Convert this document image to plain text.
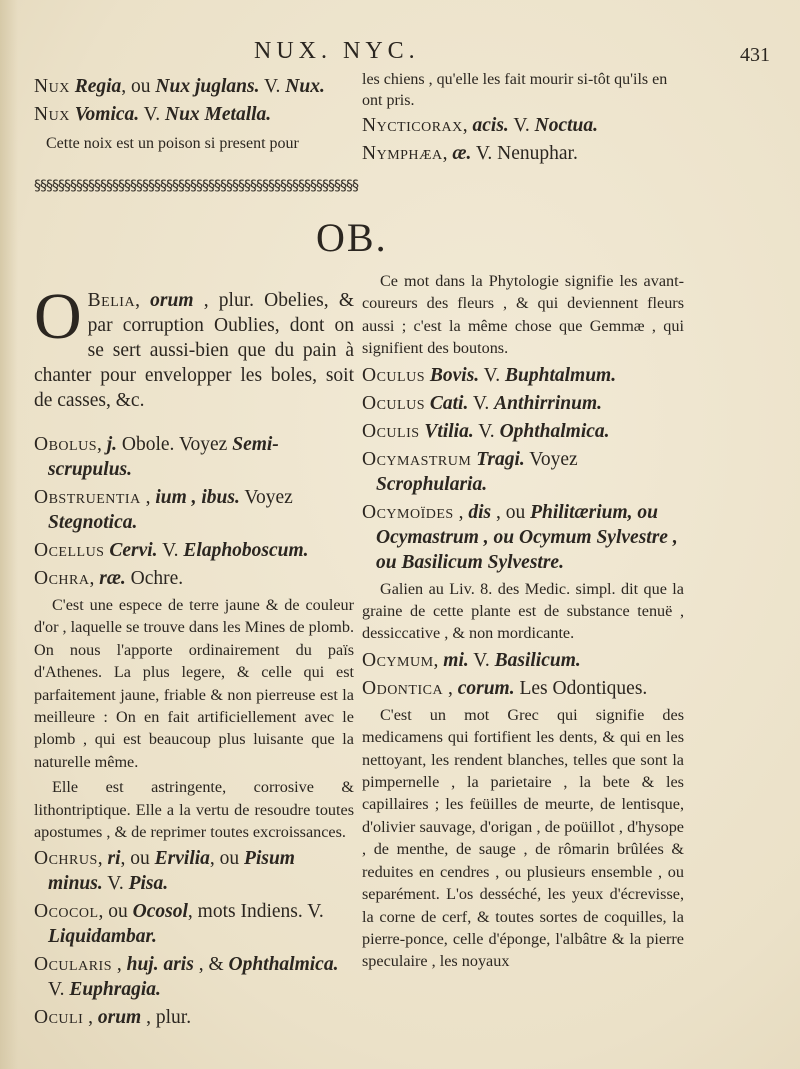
NUX. NYC.	431

Nux Regia, ou Nux juglans. V. Nux.

Nux Vomica. V. Nux Metalla.

Cette noix est un poison si present pour

les chiens , qu'elle les fait mourir si-tôt qu'ils en ont pris.

Nycticorax, acis. V. Noctua.

Nymphæa, æ. V. Nenuphar.

§§§§§§§§§§§§§§§§§§§§§§§§§§§§§§§§§§§§§§§§§§§§§§§§§§§§§§
OB.

O Belia, orum , plur. Obelies, & par corruption Oublies, dont on se sert aussi-bien que du pain à chanter pour envelopper les boles, soit de casses, &c.

Obolus, j. Obole. Voyez Semi-scrupulus.

Obstruentia , ium , ibus. Voyez Stegnotica.

Ocellus Cervi. V. Elaphoboscum.

Ochra, ræ. Ochre.

C'est une espece de terre jaune & de couleur d'or , laquelle se trouve dans les Mines de plomb. On nous l'apporte ordinairement du païs d'Athenes. La plus legere, & celle qui est parfaitement jaune, friable & non pierreuse est la meilleure : On en fait artificiellement avec le plomb , qui est beaucoup plus luisante que la naturelle même.

Elle est astringente, corrosive & lithontriptique. Elle a la vertu de resoudre toutes apostumes , & de reprimer toutes excroissances.

Ochrus, ri, ou Ervilia, ou Pisum minus. V. Pisa.

Ococol, ou Ocosol, mots Indiens. V. Liquidambar.

Ocularis , huj. aris , & Ophthalmica. V. Euphragia.

Oculi , orum , plur.

Ce mot dans la Phytologie signifie les avant-coureurs des fleurs , & qui deviennent fleurs aussi ; c'est la même chose que Gemmæ , qui signifient des boutons.

Oculus Bovis. V. Buphtalmum.

Oculus Cati. V. Anthirrinum.

Oculis Vtilia. V. Ophthalmica.

Ocymastrum Tragi. Voyez Scrophularia.

Ocymoïdes , dis , ou Philitærium, ou Ocymastrum , ou Ocymum Sylvestre , ou Basilicum Sylvestre.

Galien au Liv. 8. des Medic. simpl. dit que la graine de cette plante est de substance tenuë , dessiccative , & non mordicante.

Ocymum, mi. V. Basilicum.

Odontica , corum. Les Odontiques.

C'est un mot Grec qui signifie des medicamens qui fortifient les dents, & qui en les nettoyant, les rendent blanches, telles que sont la pimpernelle , la parietaire , la bete & les capillaires ; les feüilles de meurte, de lentisque, d'olivier sauvage, d'origan , de poüillot , d'hysope , de menthe, de sauge , de rômarin brûlées & reduites en cendres , ou plusieurs ensemble , ou separément. L'os desséché, les yeux d'écrevisse, la corne de cerf, & toutes sortes de coquilles, la pierre-ponce, celle d'éponge, l'albâtre & la pierre speculaire , les noyaux
